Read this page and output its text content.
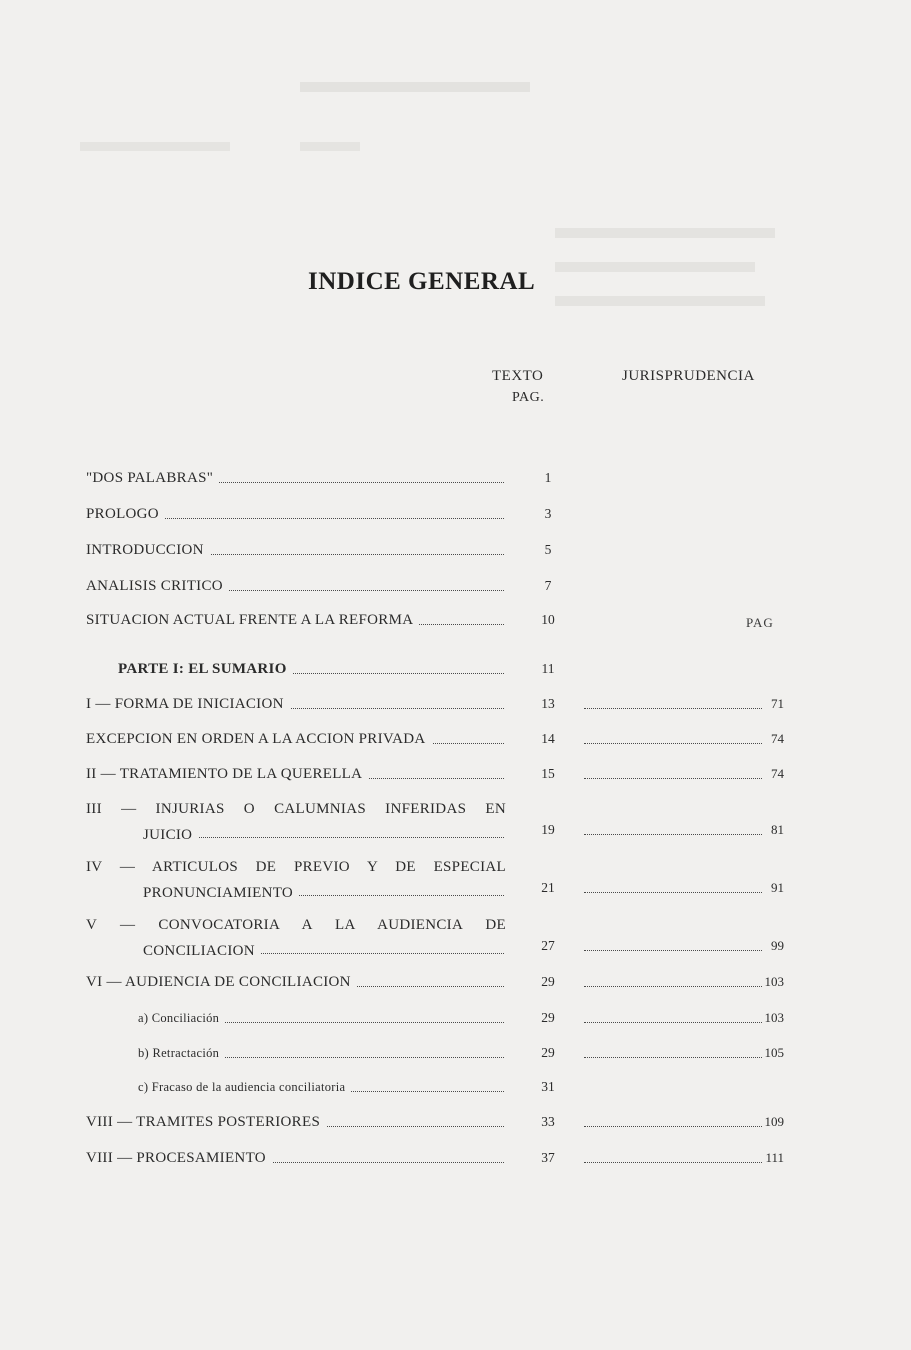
INDICE GENERAL
TEXTO
PAG.
JURISPRUDENCIA
PAG
"DOS PALABRAS"	1
PROLOGO	3
INTRODUCCION	5
ANALISIS CRITICO	7
SITUACION ACTUAL FRENTE A LA REFORMA	10
PARTE I: EL SUMARIO	11
I — FORMA DE INICIACION	13	71
EXCEPCION EN ORDEN A LA ACCION PRIVADA	14	74
II — TRATAMIENTO DE LA QUERELLA	15	74
III — INJURIAS O CALUMNIAS INFERIDAS EN
JUICIO	19	81
IV — ARTICULOS DE PREVIO Y DE ESPECIAL
PRONUNCIAMIENTO	21	91
V — CONVOCATORIA A LA AUDIENCIA DE
CONCILIACION	27	99
VI — AUDIENCIA DE CONCILIACION	29	103
a) Conciliación	29	103
b) Retractación	29	105
c) Fracaso de la audiencia conciliatoria	31
VIII — TRAMITES POSTERIORES	33	109
VIII — PROCESAMIENTO	37	111
